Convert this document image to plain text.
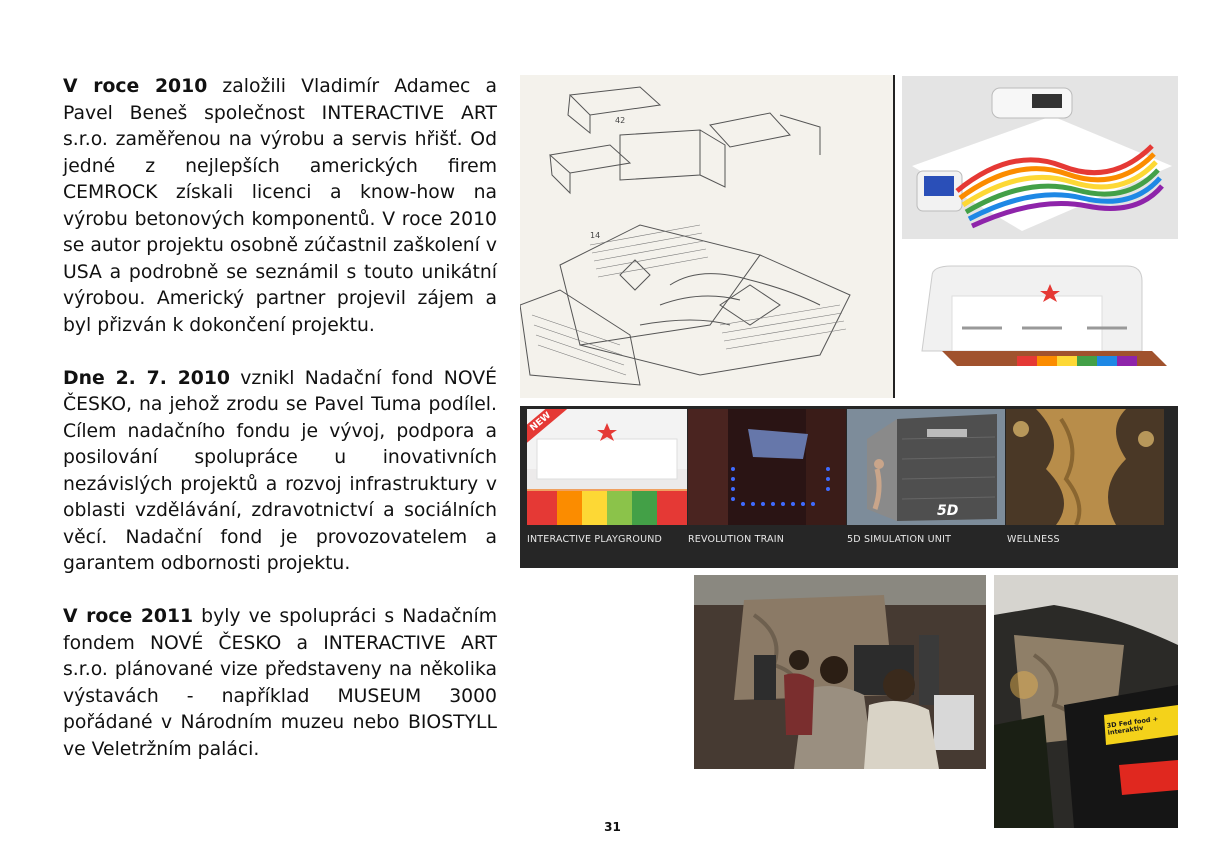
V roce 2010 založili Vladimír Adamec a Pavel Beneš společnost INTERACTIVE ART s.r.o. zaměřenou na výrobu a servis hřišť. Od jedné z nejlepších amerických firem CEMROCK získali licenci a know-how na výrobu betonových komponentů. V roce 2010 se autor projektu osobně zúčastnil zaškolení v USA a podrobně se seznámil s touto unikátní výrobou. Americký partner projevil zájem a byl přizván k dokončení projektu.

Dne 2. 7. 2010 vznikl Nadační fond NOVÉ ČESKO, na jehož zrodu se Pavel Tuma podílel. Cílem nadačního fondu je vývoj, podpora a posilování spolupráce u inovativních nezávislých projektů a rozvoj infrastruktury v oblasti vzdělávání, zdravotnictví a sociálních věcí. Nadační fond je provozovatelem a garantem odbornosti projektu.

V roce 2011 byly ve spolupráci s Nadačním fondem NOVÉ ČESKO a INTERACTIVE ART s.r.o. plánované vize představeny na několika výstavách - například MUSEUM 3000 pořádané v Národním muzeu nebo BIOSTYLL ve Veletržním paláci.

42
14
NEW
5D
INTERACTIVE PLAYGROUND	REVOLUTION TRAIN	5D SIMULATION UNIT	WELLNESS
3D Fed food + interaktiv
31
